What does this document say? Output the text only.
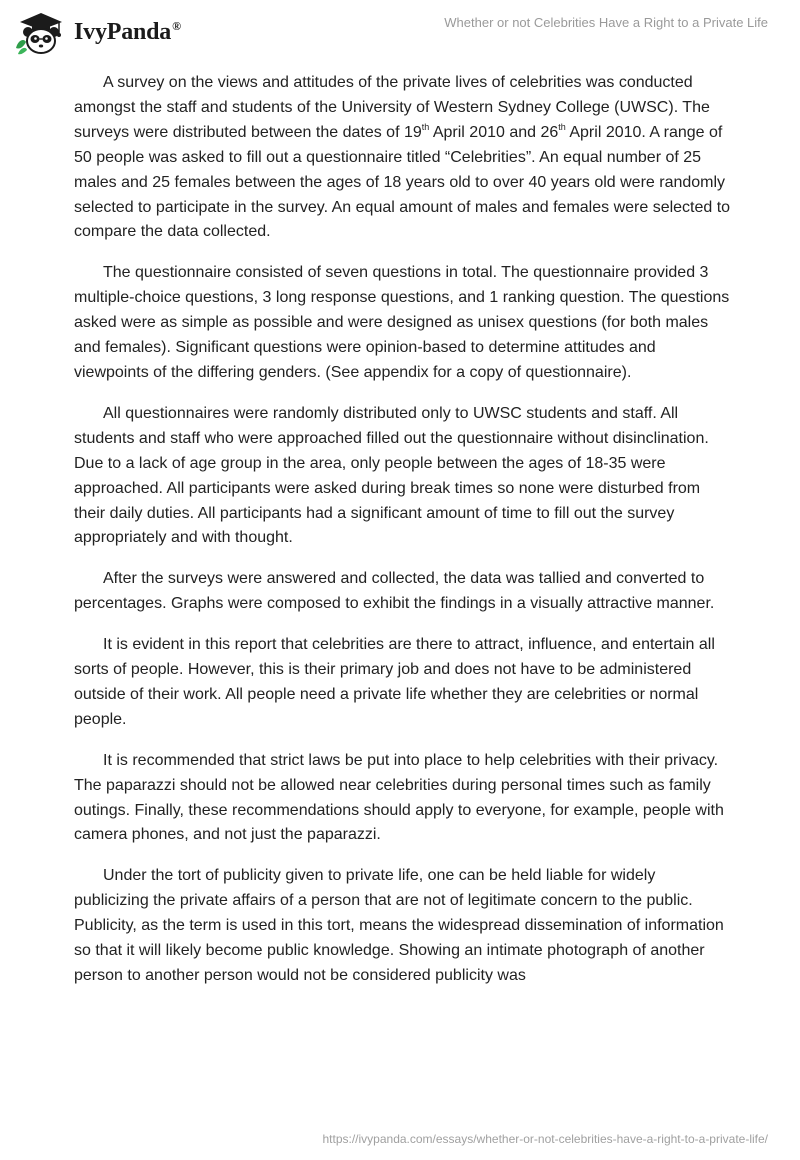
IvyPanda®	Whether or not Celebrities Have a Right to a Private Life

A survey on the views and attitudes of the private lives of celebrities was conducted amongst the staff and students of the University of Western Sydney College (UWSC). The surveys were distributed between the dates of 19th April 2010 and 26th April 2010. A range of 50 people was asked to fill out a questionnaire titled “Celebrities”. An equal number of 25 males and 25 females between the ages of 18 years old to over 40 years old were randomly selected to participate in the survey. An equal amount of males and females were selected to compare the data collected.

The questionnaire consisted of seven questions in total. The questionnaire provided 3 multiple-choice questions, 3 long response questions, and 1 ranking question. The questions asked were as simple as possible and were designed as unisex questions (for both males and females). Significant questions were opinion-based to determine attitudes and viewpoints of the differing genders. (See appendix for a copy of questionnaire).

All questionnaires were randomly distributed only to UWSC students and staff. All students and staff who were approached filled out the questionnaire without disinclination. Due to a lack of age group in the area, only people between the ages of 18-35 were approached. All participants were asked during break times so none were disturbed from their daily duties. All participants had a significant amount of time to fill out the survey appropriately and with thought.

After the surveys were answered and collected, the data was tallied and converted to percentages. Graphs were composed to exhibit the findings in a visually attractive manner.

It is evident in this report that celebrities are there to attract, influence, and entertain all sorts of people. However, this is their primary job and does not have to be administered outside of their work. All people need a private life whether they are celebrities or normal people.

It is recommended that strict laws be put into place to help celebrities with their privacy. The paparazzi should not be allowed near celebrities during personal times such as family outings. Finally, these recommendations should apply to everyone, for example, people with camera phones, and not just the paparazzi.

Under the tort of publicity given to private life, one can be held liable for widely publicizing the private affairs of a person that are not of legitimate concern to the public. Publicity, as the term is used in this tort, means the widespread dissemination of information so that it will likely become public knowledge. Showing an intimate photograph of another person to another person would not be considered publicity was

https://ivypanda.com/essays/whether-or-not-celebrities-have-a-right-to-a-private-life/
